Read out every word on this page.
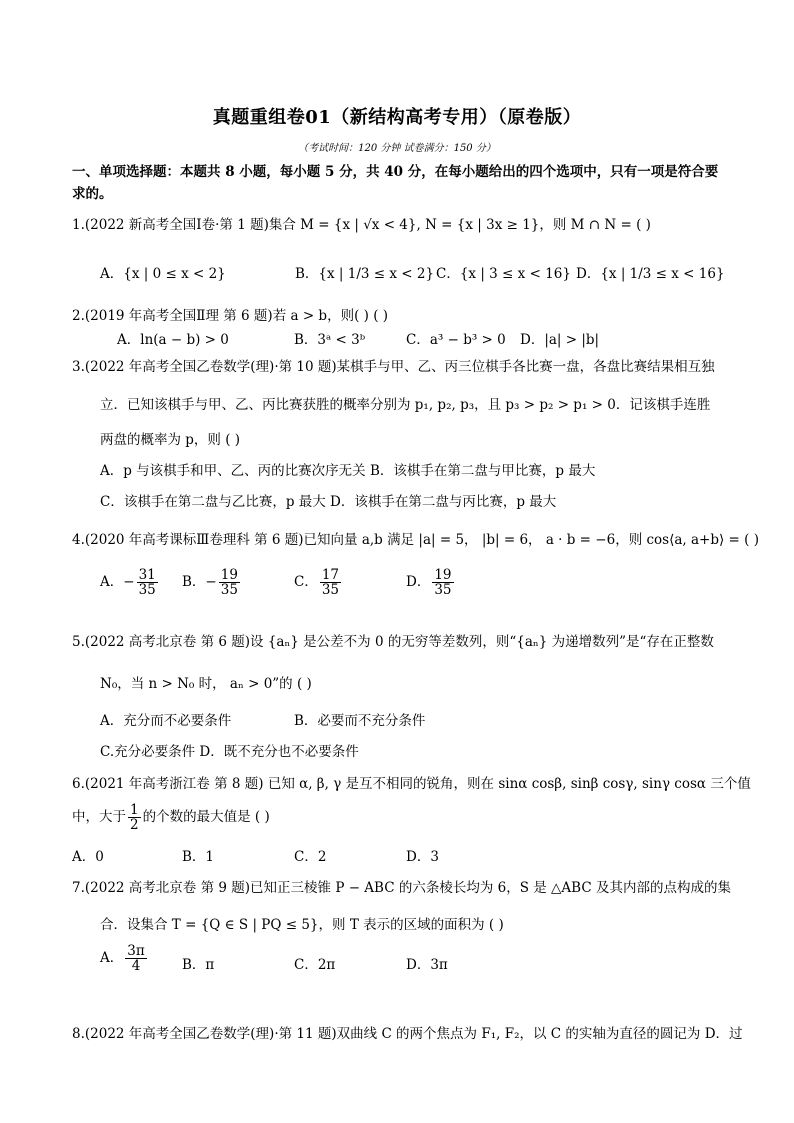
真题重组卷01（新结构高考专用）（原卷版）
（考试时间：120 分钟 试卷满分：150 分）
一、单项选择题：本题共 8 小题，每小题 5 分，共 40 分，在每小题给出的四个选项中，只有一项是符合要
求的。
1.(2022 新高考全国Ⅰ卷·第 1 题)集合 M = {x | √x < 4}, N = {x | 3x ≥ 1}，则 M ∩ N = ( )
A．{x | 0 ≤ x < 2}	B．{x | 1/3 ≤ x < 2} C．{x | 3 ≤ x < 16} D．{x | 1/3 ≤ x < 16}
2.(2019 年高考全国Ⅱ理 第 6 题)若 a > b，则( ) ( )
A．ln(a − b) > 0	B．3ᵃ < 3ᵇ	C．a³ − b³ > 0 D．|a| > |b|
3.(2022 年高考全国乙卷数学(理)·第 10 题)某棋手与甲、乙、丙三位棋手各比赛一盘，各盘比赛结果相互独
立．已知该棋手与甲、乙、丙比赛获胜的概率分别为 p₁, p₂, p₃，且 p₃ > p₂ > p₁ > 0．记该棋手连胜
两盘的概率为 p，则 ( )
A．p 与该棋手和甲、乙、丙的比赛次序无关 B．该棋手在第二盘与甲比赛，p 最大
C．该棋手在第二盘与乙比赛，p 最大 D．该棋手在第二盘与丙比赛，p 最大
4.(2020 年高考课标Ⅲ卷理科 第 6 题)已知向量 a,b 满足 |a| = 5， |b| = 6， a · b = −6，则 cos⟨a, a+b⟩ = ( )
A．− $\frac{31}{35}$ B．− $\frac{19}{35}$	C． $\frac{17}{35}$	D． $\frac{19}{35}$
5.(2022 高考北京卷 第 6 题)设 {aₙ} 是公差不为 0 的无穷等差数列，则“{aₙ} 为递增数列”是“存在正整数
N₀，当 n > N₀ 时， aₙ > 0”的 ( )
A．充分而不必要条件	B．必要而不充分条件
C.充分必要条件 D．既不充分也不必要条件
6.(2021 年高考浙江卷 第 8 题) 已知 α, β, γ 是互不相同的锐角，则在 sinα cosβ, sinβ cosγ, sinγ cosα 三个值
中，大于 $\frac{1}{2}$ 的个数的最大值是 ( )
A．0	B．1	C．2	D．3
7.(2022 高考北京卷 第 9 题)已知正三棱锥 P − ABC 的六条棱长均为 6，S 是 △ABC 及其内部的点构成的集
合．设集合 T = {Q ∈ S | PQ ≤ 5}，则 T 表示的区域的面积为 ( )
A． $\frac{3\pi}{4}$	B．π	C．2π	D．3π
8.(2022 年高考全国乙卷数学(理)·第 11 题)双曲线 C 的两个焦点为 F₁, F₂，以 C 的实轴为直径的圆记为 D．过
